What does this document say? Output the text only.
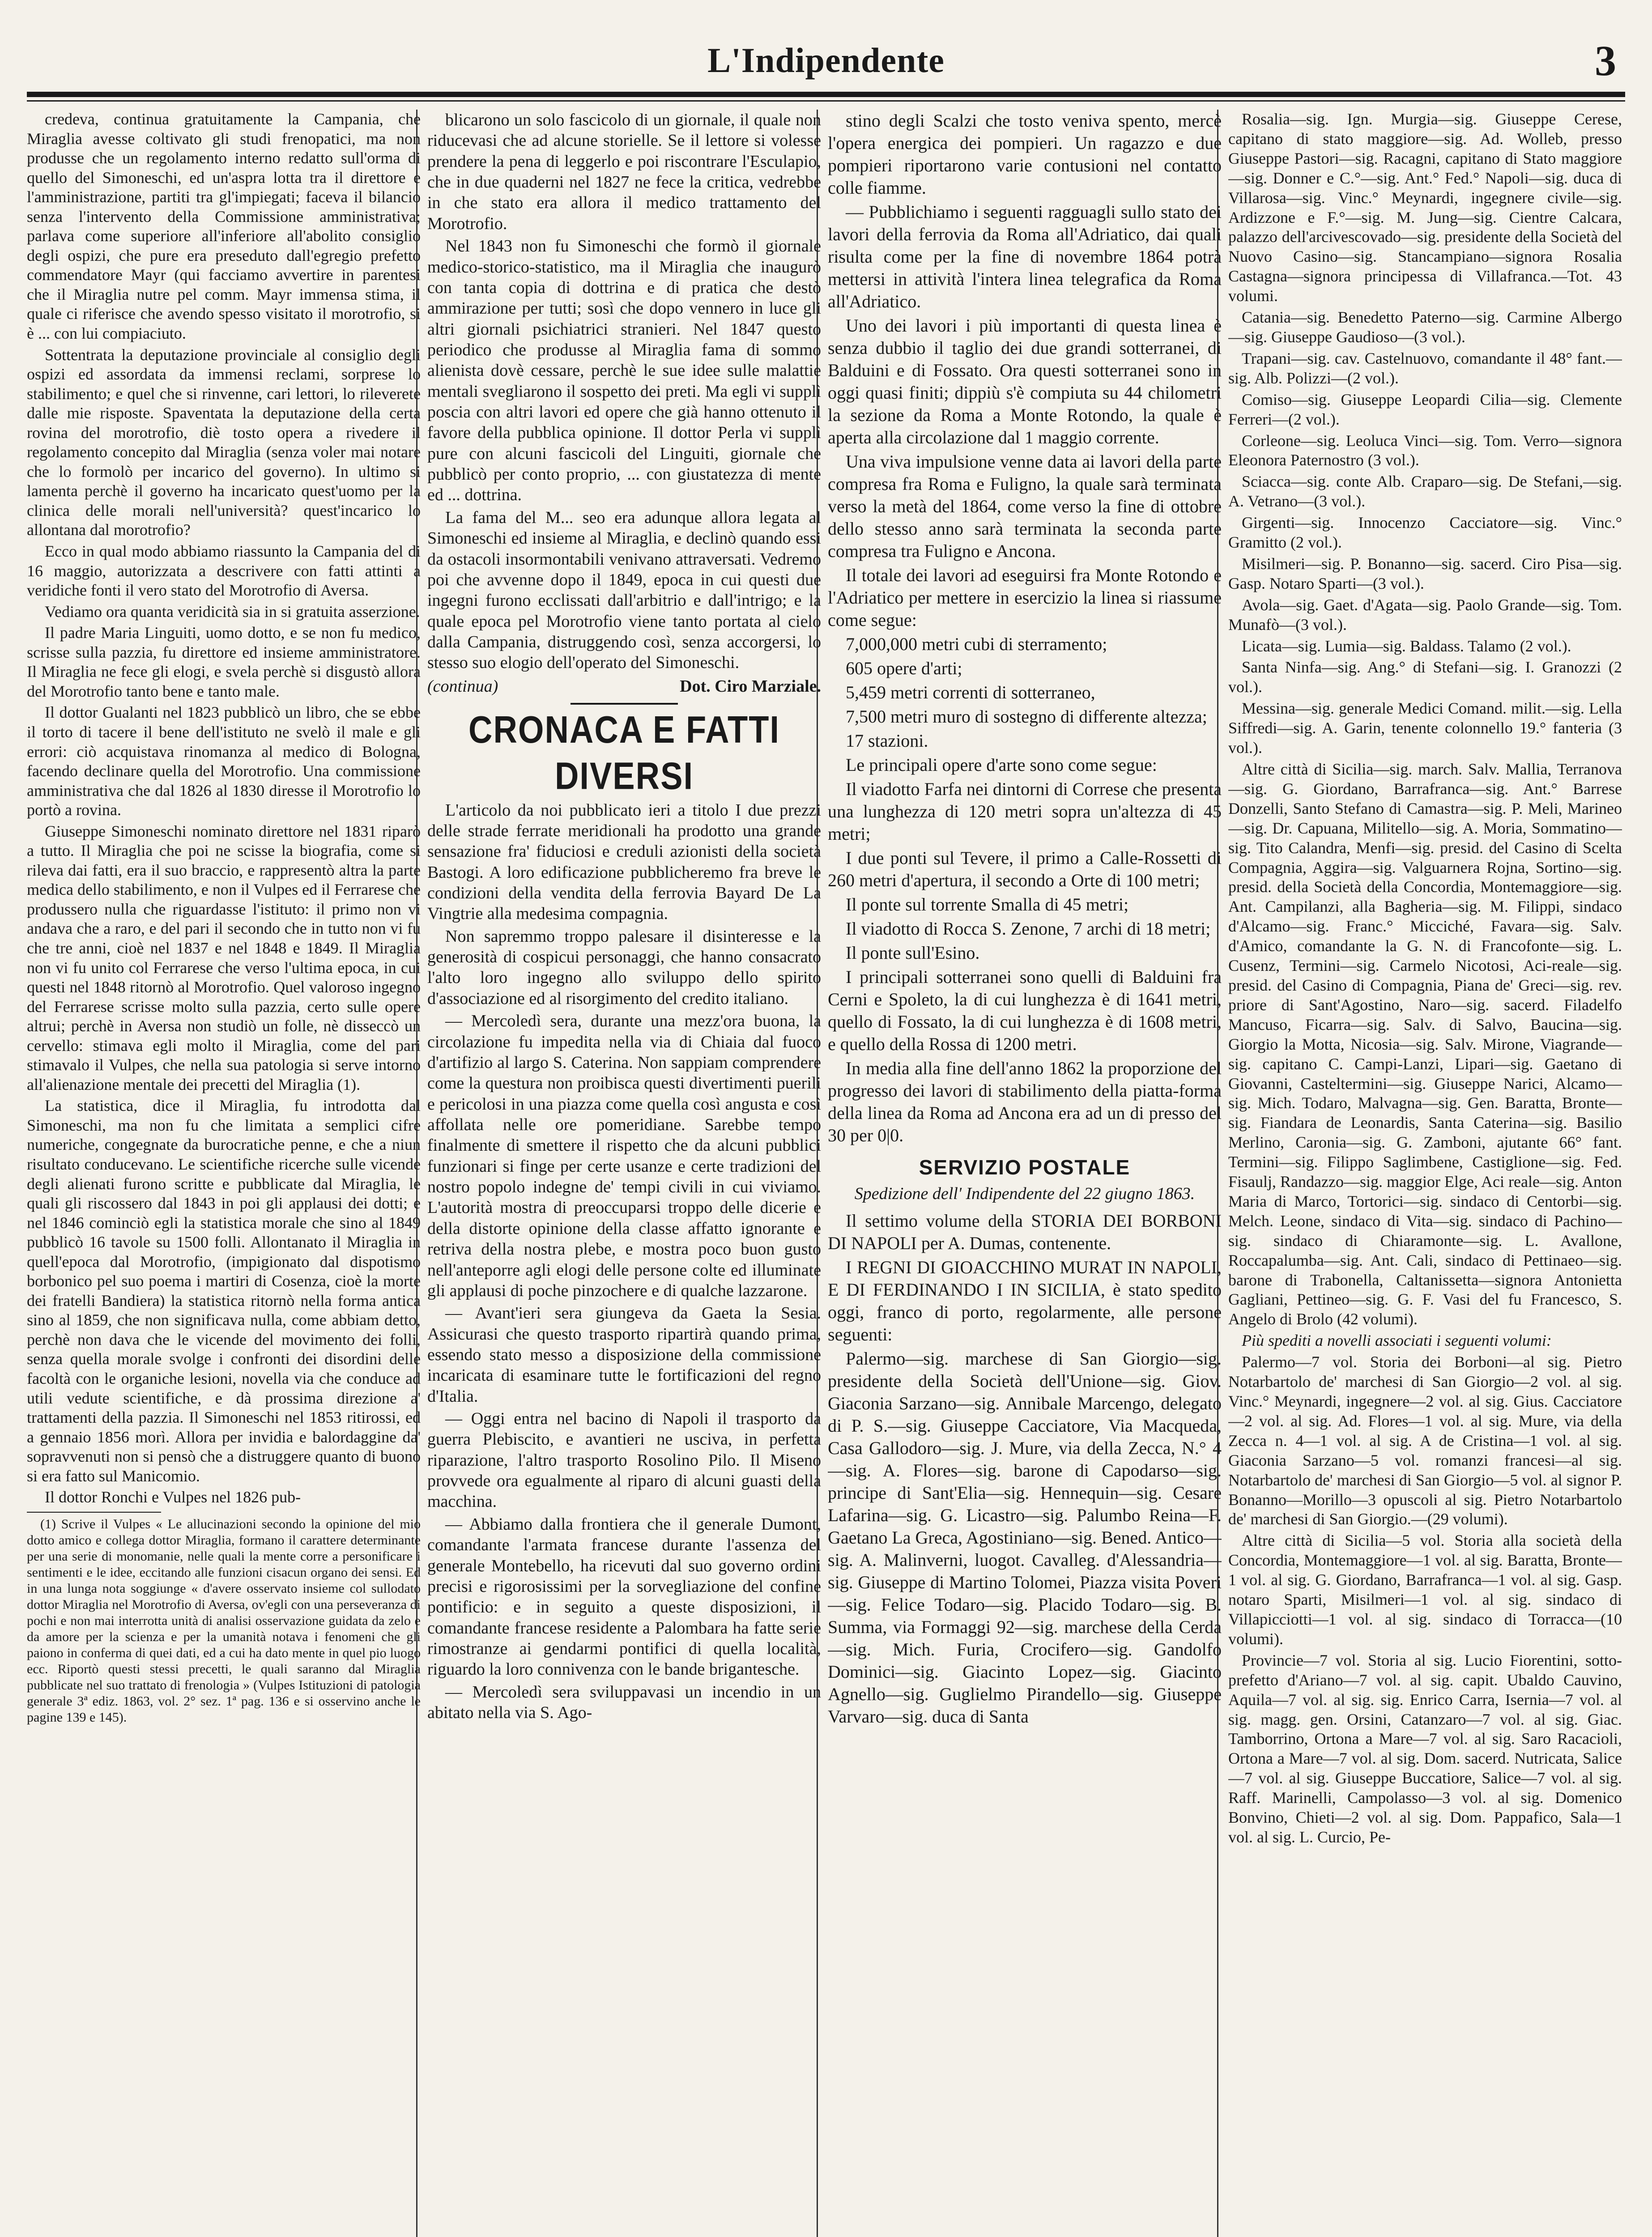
L'Indipendente	3

credeva, continua gratuitamente la Campania, che Miraglia avesse coltivato gli studi frenopatici, ma non produsse che un regolamento interno redatto sull'orma di quello del Simoneschi, ed un'aspra lotta tra il direttore e l'amministrazione, partiti tra gl'impiegati; faceva il bilancio senza l'intervento della Commissione amministrativa; parlava come superiore all'inferiore all'abolito consiglio degli ospizi, che pure era preseduto dall'egregio prefetto commendatore Mayr (qui facciamo avvertire in parentesi che il Miraglia nutre pel comm. Mayr immensa stima, il quale ci riferisce che avendo spesso visitato il morotrofio, si è ... con lui compiaciuto.

Sottentrata la deputazione provinciale al consiglio degli ospizi ed assordata da immensi reclami, sorprese lo stabilimento; e quel che si rinvenne, cari lettori, lo rileverete dalle mie risposte. Spaventata la deputazione della certa rovina del morotrofio, diè tosto opera a rivedere il regolamento concepito dal Miraglia (senza voler mai notare che lo formolò per incarico del governo). In ultimo si lamenta perchè il governo ha incaricato quest'uomo per la clinica delle morali nell'università? quest'incarico lo allontana dal morotrofio?

Ecco in qual modo abbiamo riassunto la Campania del di 16 maggio, autorizzata a descrivere con fatti attinti a veridiche fonti il vero stato del Morotrofio di Aversa.

Vediamo ora quanta veridicità sia in si gratuita asserzione.

Il padre Maria Linguiti, uomo dotto, e se non fu medico, scrisse sulla pazzia, fu direttore ed insieme amministratore. Il Miraglia ne fece gli elogi, e svela perchè si disgustò allora del Morotrofio tanto bene e tanto male.

Il dottor Gualanti nel 1823 pubblicò un libro, che se ebbe il torto di tacere il bene dell'istituto ne svelò il male e gli errori: ciò acquistava rinomanza al medico di Bologna, facendo declinare quella del Morotrofio. Una commissione amministrativa che dal 1826 al 1830 diresse il Morotrofio lo portò a rovina.

Giuseppe Simoneschi nominato direttore nel 1831 riparò a tutto. Il Miraglia che poi ne scisse la biografia, come si rileva dai fatti, era il suo braccio, e rappresentò altra la parte medica dello stabilimento, e non il Vulpes ed il Ferrarese che produssero nulla che riguardasse l'istituto: il primo non vi andava che a raro, e del pari il secondo che in tutto non vi fu che tre anni, cioè nel 1837 e nel 1848 e 1849. Il Miraglia non vi fu unito col Ferrarese che verso l'ultima epoca, in cui questi nel 1848 ritornò al Morotrofio. Quel valoroso ingegno del Ferrarese scrisse molto sulla pazzia, certo sulle opere altrui; perchè in Aversa non studiò un folle, nè disseccò un cervello: stimava egli molto il Miraglia, come del pari stimavalo il Vulpes, che nella sua patologia si serve intorno all'alienazione mentale dei precetti del Miraglia (1).

La statistica, dice il Miraglia, fu introdotta dal Simoneschi, ma non fu che limitata a semplici cifre numeriche, congegnate da burocratiche penne, e che a niun risultato conducevano. Le scientifiche ricerche sulle vicende degli alienati furono scritte e pubblicate dal Miraglia, le quali gli riscossero dal 1843 in poi gli applausi dei dotti; e nel 1846 cominciò egli la statistica morale che sino al 1849 pubblicò 16 tavole su 1500 folli. Allontanato il Miraglia in quell'epoca dal Morotrofio, (impigionato dal dispotismo borbonico pel suo poema i martiri di Cosenza, cioè la morte dei fratelli Bandiera) la statistica ritornò nella forma antica sino al 1859, che non significava nulla, come abbiam detto, perchè non dava che le vicende del movimento dei folli, senza quella morale svolge i confronti dei disordini delle facoltà con le organiche lesioni, novella via che conduce ad utili vedute scientifiche, e dà prossima direzione a' trattamenti della pazzia. Il Simoneschi nel 1853 ritirossi, ed a gennaio 1856 morì. Allora per invidia e balordaggine da' sopravvenuti non si pensò che a distruggere quanto di buono si era fatto sul Manicomio.

Il dottor Ronchi e Vulpes nel 1826 pub-

(1) Scrive il Vulpes « Le allucinazioni secondo la opinione del mio dotto amico e collega dottor Miraglia, formano il carattere determinante per una serie di monomanie, nelle quali la mente corre a personificare i sentimenti e le idee, eccitando alle funzioni cisacun organo dei sensi. Ed in una lunga nota soggiunge « d'avere osservato insieme col sullodato dottor Miraglia nel Morotrofio di Aversa, ov'egli con una perseveranza di pochi e non mai interrotta unità di analisi osservazione guidata da zelo e da amore per la scienza e per la umanità notava i fenomeni che gli paiono in conferma di quei dati, ed a cui ha dato mente in quel pio luogo ecc. Riportò questi stessi precetti, le quali saranno dal Miraglia pubblicate nel suo trattato di frenologia » (Vulpes Istituzioni di patologia generale 3ª ediz. 1863, vol. 2° sez. 1ª pag. 136 e si osservino anche le pagine 139 e 145).

blicarono un solo fascicolo di un giornale, il quale non riducevasi che ad alcune storielle. Se il lettore si volesse prendere la pena di leggerlo e poi riscontrare l'Esculapio, che in due quaderni nel 1827 ne fece la critica, vedrebbe in che stato era allora il medico trattamento del Morotrofio.

Nel 1843 non fu Simoneschi che formò il giornale medico-storico-statistico, ma il Miraglia che inaugurò con tanta copia di dottrina e di pratica che destò ammirazione per tutti; sosì che dopo vennero in luce gli altri giornali psichiatrici stranieri. Nel 1847 questo periodico che produsse al Miraglia fama di sommo alienista dovè cessare, perchè le sue idee sulle malattie mentali svegliarono il sospetto dei preti. Ma egli vi supplì poscia con altri lavori ed opere che già hanno ottenuto il favore della pubblica opinione. Il dottor Perla vi supplì pure con alcuni fascicoli del Linguiti, giornale che pubblicò per conto proprio, ... con giustatezza di mente ed ... dottrina.

La fama del M... seo era adunque allora legata al Simoneschi ed insieme al Miraglia, e declinò quando essi da ostacoli insormontabili venivano attraversati. Vedremo poi che avvenne dopo il 1849, epoca in cui questi due ingegni furono ecclissati dall'arbitrio e dall'intrigo; e la quale epoca pel Morotrofio viene tanto portata al cielo dalla Campania, distruggendo così, senza accorgersi, lo stesso suo elogio dell'operato del Simoneschi.

(continua)	Dot. Ciro Marziale.
CRONACA E FATTI DIVERSI

L'articolo da noi pubblicato ieri a titolo I due prezzi delle strade ferrate meridionali ha prodotto una grande sensazione fra' fiduciosi e creduli azionisti della società Bastogi. A loro edificazione pubblicheremo fra breve le condizioni della vendita della ferrovia Bayard De La Vingtrie alla medesima compagnia.

Non sapremmo troppo palesare il disinteresse e la generosità di cospicui personaggi, che hanno consacrato l'alto loro ingegno allo sviluppo dello spirito d'associazione ed al risorgimento del credito italiano.

— Mercoledì sera, durante una mezz'ora buona, la circolazione fu impedita nella via di Chiaia dal fuoco d'artifizio al largo S. Caterina. Non sappiam comprendere come la questura non proibisca questi divertimenti puerili e pericolosi in una piazza come quella così angusta e così affollata nelle ore pomeridiane. Sarebbe tempo finalmente di smettere il rispetto che da alcuni pubblici funzionari si finge per certe usanze e certe tradizioni del nostro popolo indegne de' tempi civili in cui viviamo. L'autorità mostra di preoccuparsi troppo delle dicerie e della distorte opinione della classe affatto ignorante e retriva della nostra plebe, e mostra poco buon gusto nell'anteporre agli elogi delle persone colte ed illuminate gli applausi di poche pinzochere e di qualche lazzarone.

— Avant'ieri sera giungeva da Gaeta la Sesia. Assicurasi che questo trasporto ripartirà quando prima, essendo stato messo a disposizione della commissione incaricata di esaminare tutte le fortificazioni del regno d'Italia.

— Oggi entra nel bacino di Napoli il trasporto da guerra Plebiscito, e avantieri ne usciva, in perfetta riparazione, l'altro trasporto Rosolino Pilo. Il Miseno provvede ora egualmente al riparo di alcuni guasti della macchina.

— Abbiamo dalla frontiera che il generale Dumont, comandante l'armata francese durante l'assenza del generale Montebello, ha ricevuti dal suo governo ordini precisi e rigorosissimi per la sorvegliazione del confine pontificio: e in seguito a queste disposizioni, il comandante francese residente a Palombara ha fatte serie rimostranze ai gendarmi pontifici di quella località, riguardo la loro connivenza con le bande brigantesche.

— Mercoledì sera sviluppavasi un incendio in un abitato nella via S. Ago-

stino degli Scalzi che tosto veniva spento, mercè l'opera energica dei pompieri. Un ragazzo e due pompieri riportarono varie contusioni nel contatto colle fiamme.

— Pubblichiamo i seguenti ragguagli sullo stato dei lavori della ferrovia da Roma all'Adriatico, dai quali risulta come per la fine di novembre 1864 potrà mettersi in attività l'intera linea telegrafica da Roma all'Adriatico.

Uno dei lavori i più importanti di questa linea è senza dubbio il taglio dei due grandi sotterranei, di Balduini e di Fossato. Ora questi sotterranei sono in oggi quasi finiti; dippiù s'è compiuta su 44 chilometri la sezione da Roma a Monte Rotondo, la quale è aperta alla circolazione dal 1 maggio corrente.

Una viva impulsione venne data ai lavori della parte compresa fra Roma e Fuligno, la quale sarà terminata verso la metà del 1864, come verso la fine di ottobre dello stesso anno sarà terminata la seconda parte compresa tra Fuligno e Ancona.

Il totale dei lavori ad eseguirsi fra Monte Rotondo e l'Adriatico per mettere in esercizio la linea si riassume come segue:

7,000,000 metri cubi di sterramento;

605 opere d'arti;

5,459 metri correnti di sotterraneo,

7,500 metri muro di sostegno di differente altezza;

17 stazioni.

Le principali opere d'arte sono come segue:

Il viadotto Farfa nei dintorni di Correse che presenta una lunghezza di 120 metri sopra un'altezza di 45 metri;

I due ponti sul Tevere, il primo a Calle-Rossetti di 260 metri d'apertura, il secondo a Orte di 100 metri;

Il ponte sul torrente Smalla di 45 metri;

Il viadotto di Rocca S. Zenone, 7 archi di 18 metri;

Il ponte sull'Esino.

I principali sotterranei sono quelli di Balduini fra Cerni e Spoleto, la di cui lunghezza è di 1641 metri, quello di Fossato, la di cui lunghezza è di 1608 metri, e quello della Rossa di 1200 metri.

In media alla fine dell'anno 1862 la proporzione del progresso dei lavori di stabilimento della piatta-forma della linea da Roma ad Ancona era ad un di presso del 30 per 0|0.

SERVIZIO POSTALE
Spedizione dell' Indipendente del 22 giugno 1863.

Il settimo volume della STORIA DEI BORBONI DI NAPOLI per A. Dumas, contenente.

I REGNI DI GIOACCHINO MURAT IN NAPOLI, E DI FERDINANDO I IN SICILIA, è stato spedito oggi, franco di porto, regolarmente, alle persone seguenti:

Palermo—sig. marchese di San Giorgio—sig. presidente della Società dell'Unione—sig. Giov. Giaconia Sarzano—sig. Annibale Marcengo, delegato di P. S.—sig. Giuseppe Cacciatore, Via Macqueda, Casa Gallodoro—sig. J. Mure, via della Zecca, N.° 4—sig. A. Flores—sig. barone di Capodarso—sig. principe di Sant'Elia—sig. Hennequin—sig. Cesare Lafarina—sig. G. Licastro—sig. Palumbo Reina—F. Gaetano La Greca, Agostiniano—sig. Bened. Antico—sig. A. Malinverni, luogot. Cavalleg. d'Alessandria—sig. Giuseppe di Martino Tolomei, Piazza visita Poveri—sig. Felice Todaro—sig. Placido Todaro—sig. B. Summa, via Formaggi 92—sig. marchese della Cerda—sig. Mich. Furia, Crocifero—sig. Gandolfo Dominici—sig. Giacinto Lopez—sig. Giacinto Agnello—sig. Guglielmo Pirandello—sig. Giuseppe Varvaro—sig. duca di Santa

Rosalia—sig. Ign. Murgia—sig. Giuseppe Cerese, capitano di stato maggiore—sig. Ad. Wolleb, presso Giuseppe Pastori—sig. Racagni, capitano di Stato maggiore—sig. Donner e C.°—sig. Ant.° Fed.° Napoli—sig. duca di Villarosa—sig. Vinc.° Meynardi, ingegnere civile—sig. Ardizzone e F.°—sig. M. Jung—sig. Cientre Calcara, palazzo dell'arcivescovado—sig. presidente della Società del Nuovo Casino—sig. Stancampiano—signora Rosalia Castagna—signora principessa di Villafranca.—Tot. 43 volumi.

Catania—sig. Benedetto Paterno—sig. Carmine Albergo—sig. Giuseppe Gaudioso—(3 vol.).

Trapani—sig. cav. Castelnuovo, comandante il 48° fant.—sig. Alb. Polizzi—(2 vol.).

Comiso—sig. Giuseppe Leopardi Cilia—sig. Clemente Ferreri—(2 vol.).

Corleone—sig. Leoluca Vinci—sig. Tom. Verro—signora Eleonora Paternostro (3 vol.).

Sciacca—sig. conte Alb. Craparo—sig. De Stefani,—sig. A. Vetrano—(3 vol.).

Girgenti—sig. Innocenzo Cacciatore—sig. Vinc.° Gramitto (2 vol.).

Misilmeri—sig. P. Bonanno—sig. sacerd. Ciro Pisa—sig. Gasp. Notaro Sparti—(3 vol.).

Avola—sig. Gaet. d'Agata—sig. Paolo Grande—sig. Tom. Munafò—(3 vol.).

Licata—sig. Lumia—sig. Baldass. Talamo (2 vol.).

Santa Ninfa—sig. Ang.° di Stefani—sig. I. Granozzi (2 vol.).

Messina—sig. generale Medici Comand. milit.—sig. Lella Siffredi—sig. A. Garin, tenente colonnello 19.° fanteria (3 vol.).

Altre città di Sicilia—sig. march. Salv. Mallia, Terranova—sig. G. Giordano, Barrafranca—sig. Ant.° Barrese Donzelli, Santo Stefano di Camastra—sig. P. Meli, Marineo—sig. Dr. Capuana, Militello—sig. A. Moria, Sommatino—sig. Tito Calandra, Menfi—sig. presid. del Casino di Scelta Compagnia, Aggira—sig. Valguarnera Rojna, Sortino—sig. presid. della Società della Concordia, Montemaggiore—sig. Ant. Campilanzi, alla Bagheria—sig. M. Filippi, sindaco d'Alcamo—sig. Franc.° Micciché, Favara—sig. Salv. d'Amico, comandante la G. N. di Francofonte—sig. L. Cusenz, Termini—sig. Carmelo Nicotosi, Aci-reale—sig. presid. del Casino di Compagnia, Piana de' Greci—sig. rev. priore di Sant'Agostino, Naro—sig. sacerd. Filadelfo Mancuso, Ficarra—sig. Salv. di Salvo, Baucina—sig. Giorgio la Motta, Nicosia—sig. Salv. Mirone, Viagrande—sig. capitano C. Campi-Lanzi, Lipari—sig. Gaetano di Giovanni, Casteltermini—sig. Giuseppe Narici, Alcamo—sig. Mich. Todaro, Malvagna—sig. Gen. Baratta, Bronte—sig. Fiandara de Leonardis, Santa Caterina—sig. Basilio Merlino, Caronia—sig. G. Zamboni, ajutante 66° fant. Termini—sig. Filippo Saglimbene, Castiglione—sig. Fed. Fisaulj, Randazzo—sig. maggior Elge, Aci reale—sig. Anton Maria di Marco, Tortorici—sig. sindaco di Centorbi—sig. Melch. Leone, sindaco di Vita—sig. sindaco di Pachino—sig. sindaco di Chiaramonte—sig. L. Avallone, Roccapalumba—sig. Ant. Cali, sindaco di Pettinaeo—sig. barone di Trabonella, Caltanissetta—signora Antonietta Gagliani, Pettineo—sig. G. F. Vasi del fu Francesco, S. Angelo di Brolo (42 volumi).

Più spediti a novelli associati i seguenti volumi:

Palermo—7 vol. Storia dei Borboni—al sig. Pietro Notarbartolo de' marchesi di San Giorgio—2 vol. al sig. Vinc.° Meynardi, ingegnere—2 vol. al sig. Gius. Cacciatore—2 vol. al sig. Ad. Flores—1 vol. al sig. Mure, via della Zecca n. 4—1 vol. al sig. A de Cristina—1 vol. al sig. Giaconia Sarzano—5 vol. romanzi francesi—al sig. Notarbartolo de' marchesi di San Giorgio—5 vol. al signor P. Bonanno—Morillo—3 opuscoli al sig. Pietro Notarbartolo de' marchesi di San Giorgio.—(29 volumi).

Altre città di Sicilia—5 vol. Storia alla società della Concordia, Montemaggiore—1 vol. al sig. Baratta, Bronte—1 vol. al sig. G. Giordano, Barrafranca—1 vol. al sig. Gasp. notaro Sparti, Misilmeri—1 vol. al sig. sindaco di Villapicciotti—1 vol. al sig. sindaco di Torracca—(10 volumi).

Provincie—7 vol. Storia al sig. Lucio Fiorentini, sotto-prefetto d'Ariano—7 vol. al sig. capit. Ubaldo Cauvino, Aquila—7 vol. al sig. sig. Enrico Carra, Isernia—7 vol. al sig. magg. gen. Orsini, Catanzaro—7 vol. al sig. Giac. Tamborrino, Ortona a Mare—7 vol. al sig. Saro Racacioli, Ortona a Mare—7 vol. al sig. Dom. sacerd. Nutricata, Salice—7 vol. al sig. Giuseppe Buccatiore, Salice—7 vol. al sig. Raff. Marinelli, Campolasso—3 vol. al sig. Domenico Bonvino, Chieti—2 vol. al sig. Dom. Pappafico, Sala—1 vol. al sig. L. Curcio, Pe-
